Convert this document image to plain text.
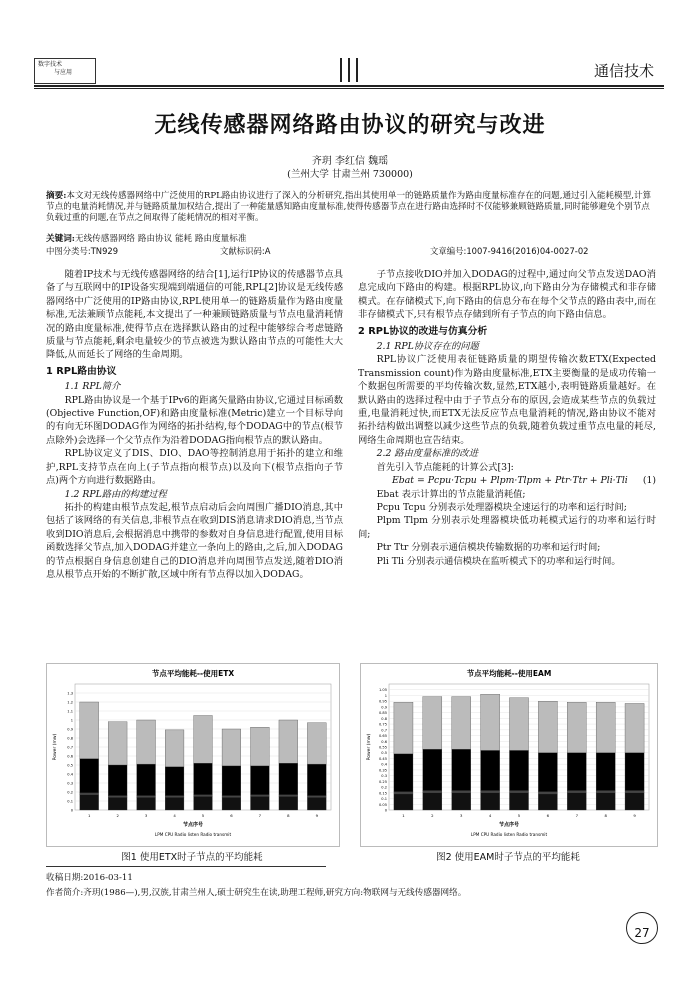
数字技术
与应用	通信技术
无线传感器网络路由协议的研究与改进
齐玥 李红信 魏瑶
(兰州大学 甘肃兰州 730000)
摘要:本文对无线传感器网络中广泛使用的RPL路由协议进行了深入的分析研究,指出其使用单一的链路质量作为路由度量标准存在的问题,通过引入能耗模型,计算节点的电量消耗情况,并与链路质量加权结合,提出了一种能量感知路由度量标准,使得传感器节点在进行路由选择时不仅能够兼顾链路质量,同时能够避免个别节点负载过重的问题,在节点之间取得了能耗情况的相对平衡。
关键词:无线传感器网络 路由协议 能耗 路由度量标准
中图分类号:TN929	文献标识码:A	文章编号:1007-9416(2016)04-0027-02

随着IP技术与无线传感器网络的结合[1],运行IP协议的传感器节点具备了与互联网中的IP设备实现端到端通信的可能,RPL[2]协议是无线传感器网络中广泛使用的IP路由协议,RPL使用单一的链路质量作为路由度量标准,无法兼顾节点能耗,本文提出了一种兼顾链路质量与节点电量消耗情况的路由度量标准,使得节点在选择默认路由的过程中能够综合考虑链路质量与节点能耗,剩余电量较少的节点被选为默认路由节点的可能性大大降低,从而延长了网络的生命周期。

1 RPL路由协议

1.1 RPL简介

RPL路由协议是一个基于IPv6的距离矢量路由协议,它通过目标函数(Objective Function,OF)和路由度量标准(Metric)建立一个目标导向的有向无环图DODAG作为网络的拓扑结构,每个DODAG中的节点(根节点除外)会选择一个父节点作为沿着DODAG指向根节点的默认路由。

RPL协议定义了DIS、DIO、DAO等控制消息用于拓扑的建立和维护,RPL支持节点在向上(子节点指向根节点)以及向下(根节点指向子节点)两个方向进行数据路由。

1.2 RPL路由的构建过程

拓扑的构建由根节点发起,根节点启动后会向周围广播DIO消息,其中包括了该网络的有关信息,非根节点在收到DIS消息请求DIO消息,当节点收到DIO消息后,会根据消息中携带的参数对自身信息进行配置,使用目标函数选择父节点,加入DODAG并建立一条向上的路由,之后,加入DODAG的节点根据自身信息创建自己的DIO消息并向周围节点发送,随着DIO消息从根节点开始的不断扩散,区域中所有节点得以加入DODAG。

子节点接收DIO并加入DODAG的过程中,通过向父节点发送DAO消息完成向下路由的构建。根据RPL协议,向下路由分为存储模式和非存储模式。在存储模式下,向下路由的信息分布在每个父节点的路由表中,而在非存储模式下,只有根节点存储到所有子节点的向下路由信息。

2 RPL协议的改进与仿真分析

2.1 RPL协议存在的问题

RPL协议广泛使用表征链路质量的期望传输次数ETX(Expected Transmission count)作为路由度量标准,ETX主要衡量的是成功传输一个数据包所需要的平均传输次数,显然,ETX越小,表明链路质量越好。在默认路由的选择过程中由于子节点分布的原因,会造成某些节点的负载过重,电量消耗过快,而ETX无法反应节点电量消耗的情况,路由协议不能对拓扑结构做出调整以减少这些节点的负载,随着负载过重节点电量的耗尽,网络生命周期也宣告结束。

2.2 路由度量标准的改进

首先引入节点能耗的计算公式[3]:

Ebat = Pcpu·Tcpu + Plpm·Tlpm + Ptr·Ttr + Pli·Tli (1)

Ebat 表示计算出的节点能量消耗值;

Pcpu Tcpu 分别表示处理器模块全速运行的功率和运行时间;

Plpm Tlpm 分别表示处理器模块低功耗模式运行的功率和运行时间;

Ptr Ttr 分别表示通信模块传输数据的功率和运行时间;

Pli Tli 分别表示通信模块在监听模式下的功率和运行时间。

节点平均能耗--使用ETX
0
0.1
0.2
0.3
0.4
0.5
0.6
0.7
0.8
0.9
1
1.1
1.2
1.3
Power (mw)
1	2	3	4	5	6	7	8	9
节点序号
LPM CPU Radio listen Radio transmit
节点平均能耗--使用EAM
0
0.05
0.1
0.15
0.2
0.25
0.3
0.35
0.4
0.45
0.5
0.55
0.6
0.65
0.7
0.75
0.8
0.85
0.9
0.95
1
1.05
Power (mw)
1	2	3	4	5	6	7	8	9
节点序号
LPM CPU Radio listen Radio transmit
图1 使用ETX时子节点的平均能耗	图2 使用EAM时子节点的平均能耗
收稿日期:2016-03-11
作者简介:齐玥(1986—),男,汉族,甘肃兰州人,硕士研究生在读,助理工程师,研究方向:物联网与无线传感器网络。
27
